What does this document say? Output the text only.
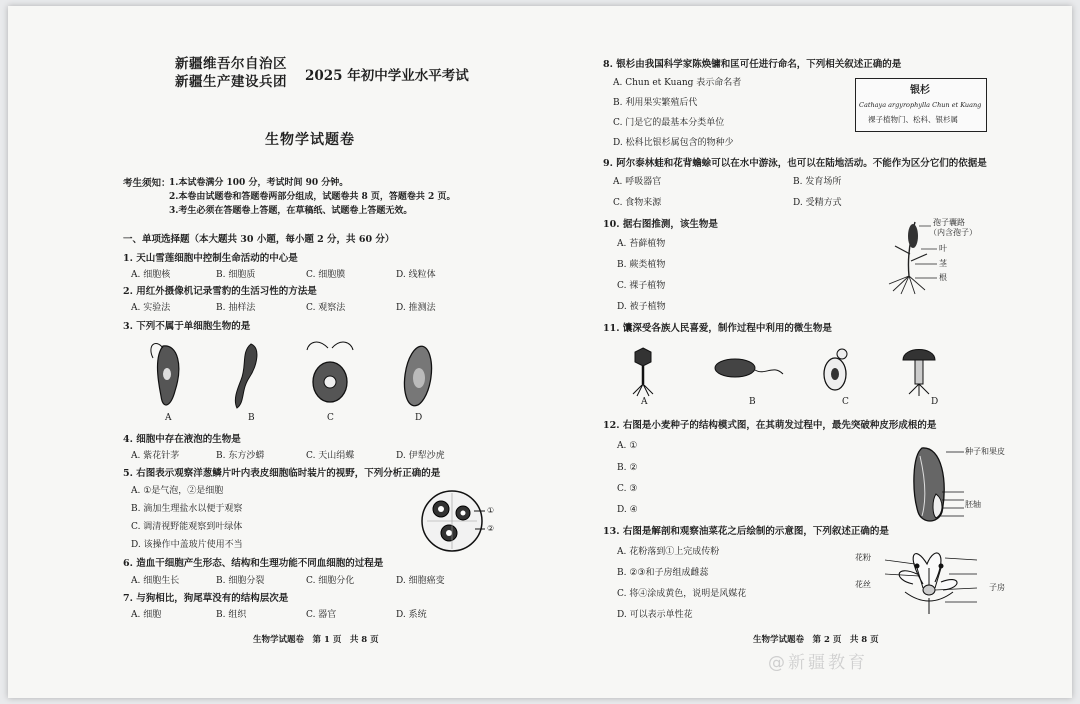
新疆维吾尔自治区
新疆生产建设兵团 2025 年初中学业水平考试
生物学试题卷
考生须知：
1.本试卷满分 100 分，考试时间 90 分钟。
2.本卷由试题卷和答题卷两部分组成，试题卷共 8 页，答题卷共 2 页。
3.考生必须在答题卷上答题，在草稿纸、试题卷上答题无效。
一、单项选择题（本大题共 30 小题，每小题 2 分，共 60 分）
1. 天山雪莲细胞中控制生命活动的中心是
A. 细胞核	B. 细胞质	C. 细胞膜	D. 线粒体
2. 用红外摄像机记录雪豹的生活习性的方法是
A. 实验法	B. 抽样法	C. 观察法	D. 推测法
3. 下列不属于单细胞生物的是
A	B	C	D
4. 细胞中存在液泡的生物是
A. 紫花针茅	B. 东方沙蟒	C. 天山绢蝶	D. 伊犁沙虎
5. 右图表示观察洋葱鳞片叶内表皮细胞临时装片的视野，下列分析正确的是
A. ①是气泡，②是细胞
B. 滴加生理盐水以便于观察
C. 调清视野能观察到叶绿体
D. 该操作中盖玻片使用不当
①
②
6. 造血干细胞产生形态、结构和生理功能不同血细胞的过程是
A. 细胞生长	B. 细胞分裂	C. 细胞分化	D. 细胞癌变
7. 与狗相比，狗尾草没有的结构层次是
A. 细胞	B. 组织	C. 器官	D. 系统
生物学试题卷　第 1 页　共 8 页
8. 银杉由我国科学家陈焕镛和匡可任进行命名，下列相关叙述正确的是
A. Chun et Kuang 表示命名者
B. 利用果实繁殖后代
C. 门是它的最基本分类单位
D. 松科比银杉属包含的物种少
银杉
Cathaya argyrophylla Chun et Kuang
裸子植物门、松科、银杉属
9. 阿尔泰林蛙和花背蟾蜍可以在水中游泳，也可以在陆地活动。不能作为区分它们的依据是
A. 呼吸器官	B. 发育场所
C. 食物来源	D. 受精方式
10. 据右图推测，该生物是
A. 苔藓植物
B. 蕨类植物
C. 裸子植物
D. 被子植物
孢子囊路
（内含孢子）
叶
茎
根
11. 馕深受各族人民喜爱，制作过程中利用的微生物是
A	B	C	D
12. 右图是小麦种子的结构模式图，在其萌发过程中，最先突破种皮形成根的是
A. ①
B. ②
C. ③
D. ④
种子和果皮
胚轴
13. 右图是解剖和观察油菜花之后绘制的示意图，下列叙述正确的是
A. 花粉落到①上完成传粉
B. ②③和子房组成雌蕊
C. 将④涂成黄色，说明是风媒花
D. 可以表示单性花
花粉
花丝	子房
生物学试题卷　第 2 页　共 8 页
@新疆教育
